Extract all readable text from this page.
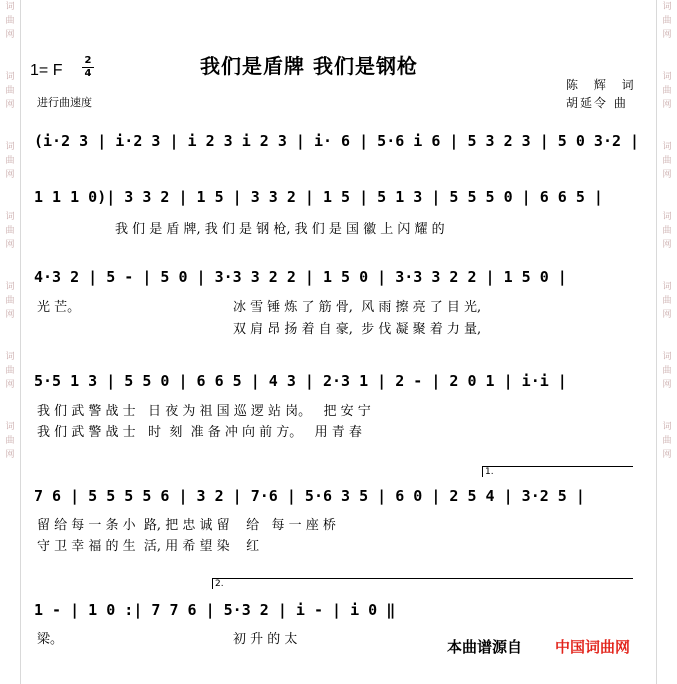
词曲网

词曲网

词曲网

词曲网

词曲网

词曲网

词曲网
词曲网

词曲网

词曲网

词曲网

词曲网

词曲网

词曲网
我们是盾牌 我们是钢枪
1= F
2
4
进行曲速度
陈 辉 词
胡延令 曲
(i·2 3 | i·2 3 | i 2 3 i 2 3 | i· 6 | 5·6 i 6 | 5 3 2 3 | 5 0 3·2 |
1 1 1 0)| 3 3 2 | 1 5 | 3 3 2 | 1 5 | 5 1 3 | 5 5 5 0 | 6 6 5 |
我 们 是 盾 牌, 我 们 是 钢 枪, 我 们 是 国 徽 上 闪 耀 的
4·3 2 | 5 - | 5 0 | 3·3 3 2 2 | 1 5 0 | 3·3 3 2 2 | 1 5 0 |
光 芒。	冰 雪 锤 炼 了 筋 骨,  风 雨 擦 亮 了 目 光,
双 肩 昂 扬 着 自 豪,  步 伐 凝 聚 着 力 量,
5·5 1 3 | 5 5 0 | 6 6 5 | 4 3 | 2·3 1 | 2 - | 2 0 1 | i·i |
我 们 武 警 战 士   日 夜 为 祖 国 巡 逻 站 岗。   把 安 宁
我 们 武 警 战 士   时  刻  准 备 冲 向 前 方。   用 青 春
1.
7 6 | 5 5 5 5 6 | 3 2 | 7·6 | 5·6 3 5 | 6 0 | 2 5 4 | 3·2 5 |
留 给 每 一 条 小  路, 把 忠 诚 留    给   每 一 座 桥
守 卫 幸 福 的 生  活, 用 希 望 染    红
2.
1 - | 1 0 :| 7 7 6 | 5·3 2 | i - | i 0 ‖
梁。	初 升 的 太	本曲谱源自 中国词曲网
